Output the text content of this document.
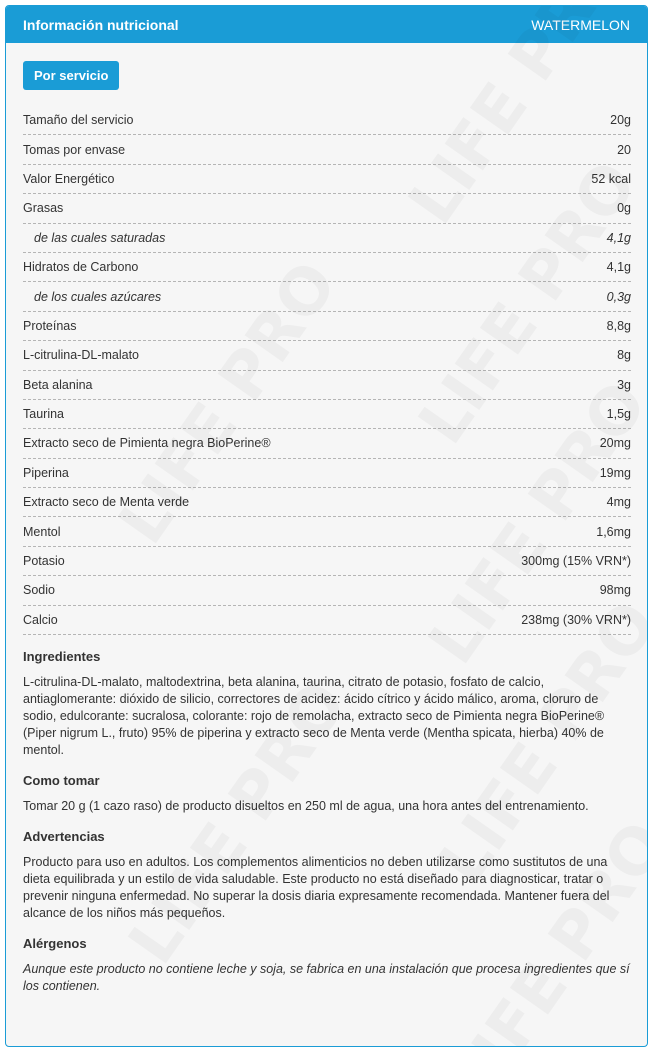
Información nutricional	WATERMELON
Por servicio
Tamaño del servicio	20g
Tomas por envase	20
Valor Energético	52 kcal
Grasas	0g
de las cuales saturadas	4,1g
Hidratos de Carbono	4,1g
de los cuales azúcares	0,3g
Proteínas	8,8g
L-citrulina-DL-malato	8g
Beta alanina	3g
Taurina	1,5g
Extracto seco de Pimienta negra BioPerine®	20mg
Piperina	19mg
Extracto seco de Menta verde	4mg
Mentol	1,6mg
Potasio	300mg (15% VRN*)
Sodio	98mg
Calcio	238mg (30% VRN*)
Ingredientes

L-citrulina-DL-malato, maltodextrina, beta alanina, taurina, citrato de potasio, fosfato de calcio, antiaglomerante: dióxido de silicio, correctores de acidez: ácido cítrico y ácido málico, aroma, cloruro de sodio, edulcorante: sucralosa, colorante: rojo de remolacha, extracto seco de Pimienta negra BioPerine® (Piper nigrum L., fruto) 95% de piperina y extracto seco de Menta verde (Mentha spicata, hierba) 40% de mentol.

Como tomar

Tomar 20 g (1 cazo raso) de producto disueltos en 250 ml de agua, una hora antes del entrenamiento.

Advertencias

Producto para uso en adultos. Los complementos alimenticios no deben utilizarse como sustitutos de una dieta equilibrada y un estilo de vida saludable. Este producto no está diseñado para diagnosticar, tratar o prevenir ninguna enfermedad. No superar la dosis diaria expresamente recomendada. Mantener fuera del alcance de los niños más pequeños.

Alérgenos

Aunque este producto no contiene leche y soja, se fabrica en una instalación que procesa ingredientes que sí los contienen.
